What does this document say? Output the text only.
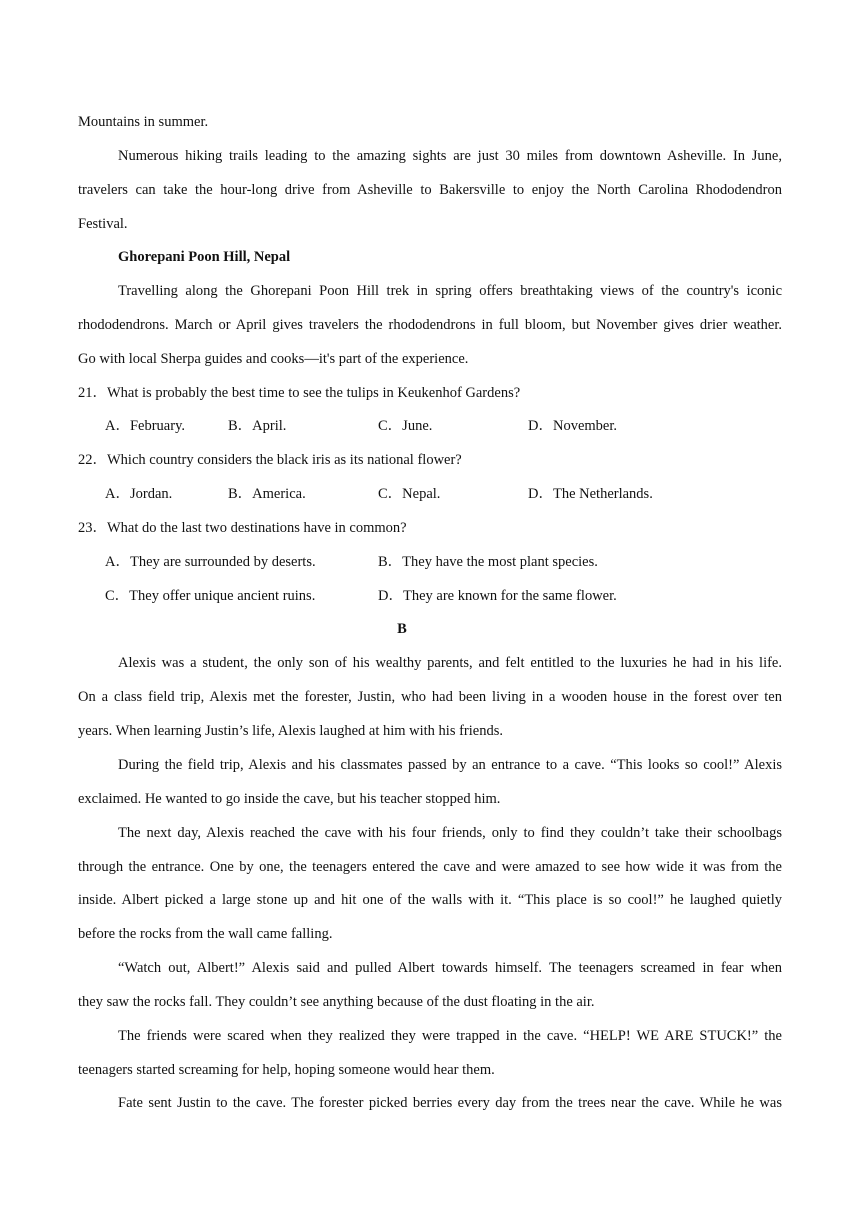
Mountains in summer.
Numerous hiking trails leading to the amazing sights are just 30 miles from downtown Asheville. In June,
travelers can take the hour-long drive from Asheville to Bakersville to enjoy the North Carolina Rhododendron
Festival.
Ghorepani Poon Hill, Nepal
Travelling along the Ghorepani Poon Hill trek in spring offers breathtaking views of the country's iconic
rhododendrons. March or April gives travelers the rhododendrons in full bloom, but November gives drier weather.
Go with local Sherpa guides and cooks—it's part of the experience.
21．What is probably the best time to see the tulips in Keukenhof Gardens?
A．February.	B．April.	C．June.	D．November.
22．Which country considers the black iris as its national flower?
A．Jordan.	B．America.	C．Nepal.	D．The Netherlands.
23．What do the last two destinations have in common?
A．They are surrounded by deserts.	B．They have the most plant species.
C．They offer unique ancient ruins.	D．They are known for the same flower.
B
Alexis was a student, the only son of his wealthy parents, and felt entitled to the luxuries he had in his life.
On a class field trip, Alexis met the forester, Justin, who had been living in a wooden house in the forest over ten
years. When learning Justin’s life, Alexis laughed at him with his friends.
During the field trip, Alexis and his classmates passed by an entrance to a cave. “This looks so cool!” Alexis
exclaimed. He wanted to go inside the cave, but his teacher stopped him.
The next day, Alexis reached the cave with his four friends, only to find they couldn’t take their schoolbags
through the entrance. One by one, the teenagers entered the cave and were amazed to see how wide it was from the
inside. Albert picked a large stone up and hit one of the walls with it. “This place is so cool!” he laughed quietly
before the rocks from the wall came falling.
“Watch out, Albert!” Alexis said and pulled Albert towards himself. The teenagers screamed in fear when
they saw the rocks fall. They couldn’t see anything because of the dust floating in the air.
The friends were scared when they realized they were trapped in the cave. “HELP! WE ARE STUCK!” the
teenagers started screaming for help, hoping someone would hear them.
Fate sent Justin to the cave. The forester picked berries every day from the trees near the cave. While he was
